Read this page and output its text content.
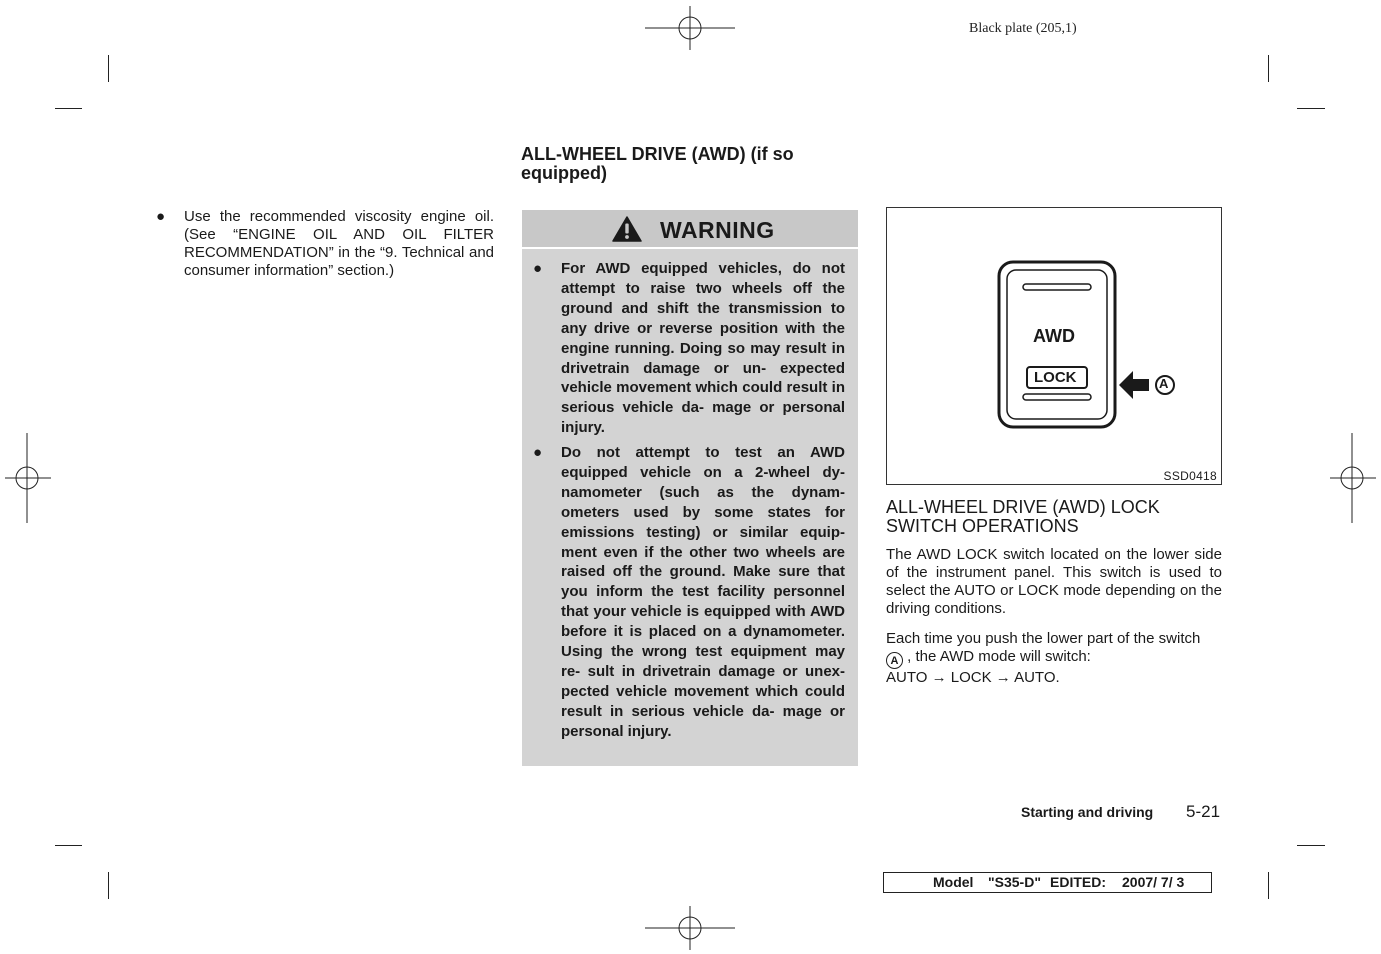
Black plate (205,1)
● Use the recommended viscosity engine oil. (See “ENGINE OIL AND OIL FILTER RECOMMENDATION” in the “9. Technical and consumer information” section.)
ALL-WHEEL DRIVE (AWD) (if so equipped)
WARNING
● For AWD equipped vehicles, do not attempt to raise two wheels off the ground and shift the transmission to any drive or reverse position with the engine running. Doing so may result in drivetrain damage or un- expected vehicle movement which could result in serious vehicle da- mage or personal injury.
● Do not attempt to test an AWD equipped vehicle on a 2-wheel dy- namometer (such as the dynam- ometers used by some states for emissions testing) or similar equip- ment even if the other two wheels are raised off the ground. Make sure that you inform the test facility personnel that your vehicle is equipped with AWD before it is placed on a dynamometer. Using the wrong test equipment may re- sult in drivetrain damage or unex- pected vehicle movement which could result in serious vehicle da- mage or personal injury.
AWD
LOCK	A
SSD0418
ALL-WHEEL DRIVE (AWD) LOCK SWITCH OPERATIONS
The AWD LOCK switch located on the lower side of the instrument panel. This switch is used to select the AUTO or LOCK mode depending on the driving conditions.
Each time you push the lower part of the switch
A , the AWD mode will switch:
AUTO → LOCK → AUTO.
Starting and driving 5-21
Model "S35-D" EDITED: 2007/ 7/ 3
